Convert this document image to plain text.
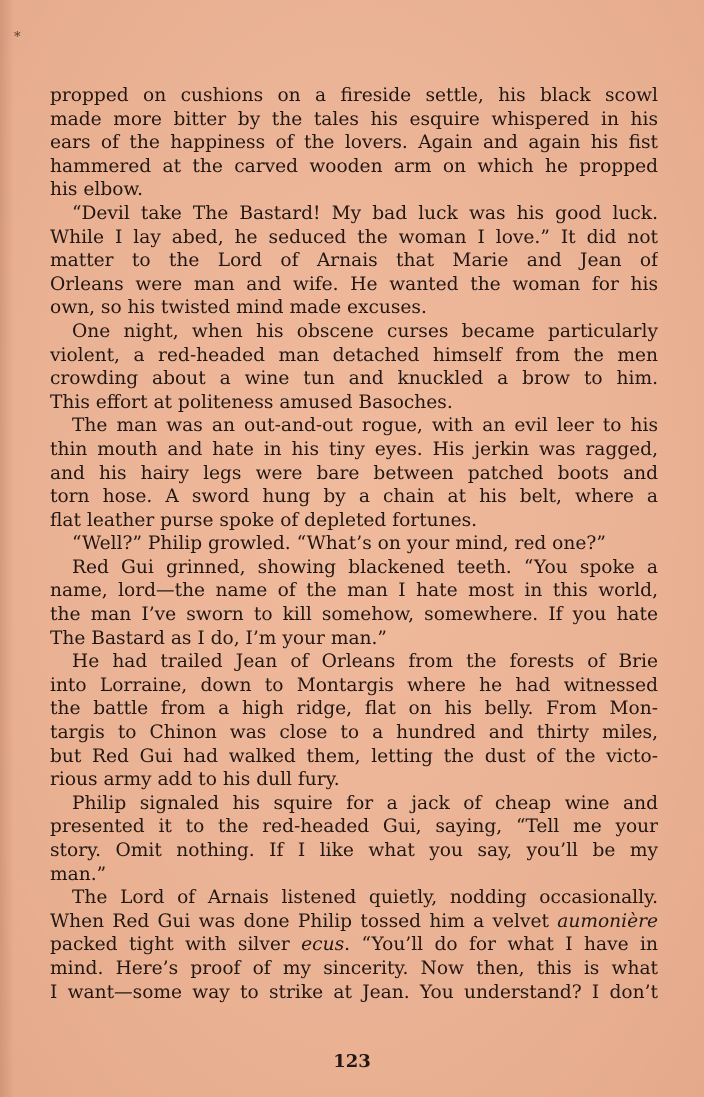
*
propped on cushions on a fireside settle, his black scowl
made more bitter by the tales his esquire whispered in his
ears of the happiness of the lovers. Again and again his fist
hammered at the carved wooden arm on which he propped
his elbow.
“Devil take The Bastard! My bad luck was his good luck.
While I lay abed, he seduced the woman I love.” It did not
matter to the Lord of Arnais that Marie and Jean of
Orleans were man and wife. He wanted the woman for his
own, so his twisted mind made excuses.
One night, when his obscene curses became particularly
violent, a red-headed man detached himself from the men
crowding about a wine tun and knuckled a brow to him.
This effort at politeness amused Basoches.
The man was an out-and-out rogue, with an evil leer to his
thin mouth and hate in his tiny eyes. His jerkin was ragged,
and his hairy legs were bare between patched boots and
torn hose. A sword hung by a chain at his belt, where a
flat leather purse spoke of depleted fortunes.
“Well?” Philip growled. “What’s on your mind, red one?”
Red Gui grinned, showing blackened teeth. “You spoke a
name, lord—the name of the man I hate most in this world,
the man I’ve sworn to kill somehow, somewhere. If you hate
The Bastard as I do, I’m your man.”
He had trailed Jean of Orleans from the forests of Brie
into Lorraine, down to Montargis where he had witnessed
the battle from a high ridge, flat on his belly. From Mon-
targis to Chinon was close to a hundred and thirty miles,
but Red Gui had walked them, letting the dust of the victo-
rious army add to his dull fury.
Philip signaled his squire for a jack of cheap wine and
presented it to the red-headed Gui, saying, “Tell me your
story. Omit nothing. If I like what you say, you’ll be my
man.”
The Lord of Arnais listened quietly, nodding occasionally.
When Red Gui was done Philip tossed him a velvet aumonière
packed tight with silver ecus. “You’ll do for what I have in
mind. Here’s proof of my sincerity. Now then, this is what
I want—some way to strike at Jean. You understand? I don’t
123
